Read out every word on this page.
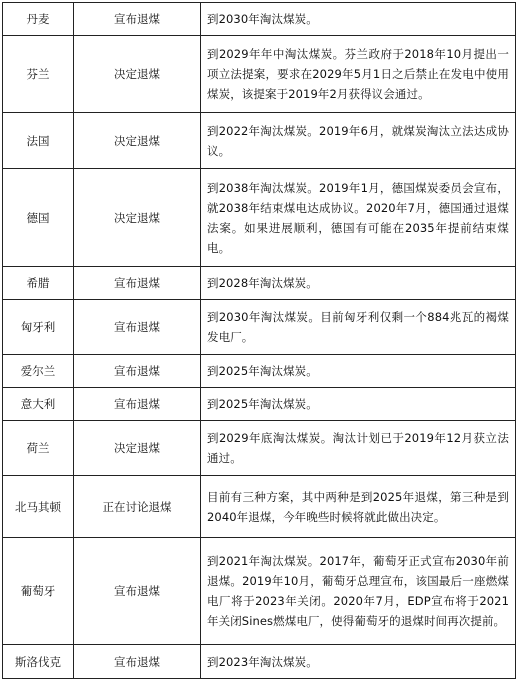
丹麦	宣布退煤	到2030年淘汰煤炭。
芬兰	决定退煤	到2029年年中淘汰煤炭。芬兰政府于2018年10月提出一项立法提案，要求在2029年5月1日之后禁止在发电中使用煤炭，该提案于2019年2月获得议会通过。
法国	决定退煤	到2022年淘汰煤炭。2019年6月，就煤炭淘汰立法达成协议。
德国	决定退煤	到2038年淘汰煤炭。2019年1月，德国煤炭委员会宣布，就2038年结束煤电达成协议。2020年7月，德国通过退煤法案。如果进展顺利，德国有可能在2035年提前结束煤电。
希腊	宣布退煤	到2028年淘汰煤炭。
匈牙利	宣布退煤	到2030年淘汰煤炭。目前匈牙利仅剩一个884兆瓦的褐煤发电厂。
爱尔兰	宣布退煤	到2025年淘汰煤炭。
意大利	宣布退煤	到2025年淘汰煤炭。
荷兰	决定退煤	到2029年底淘汰煤炭。淘汰计划已于2019年12月获立法通过。
北马其顿	正在讨论退煤	目前有三种方案，其中两种是到2025年退煤，第三种是到2040年退煤，今年晚些时候将就此做出决定。
葡萄牙	宣布退煤	到2021年淘汰煤炭。2017年，葡萄牙正式宣布2030年前退煤。2019年10月，葡萄牙总理宣布，该国最后一座燃煤电厂将于2023年关闭。2020年7月，EDP宣布将于2021年关闭Sines燃煤电厂，使得葡萄牙的退煤时间再次提前。
斯洛伐克	宣布退煤	到2023年淘汰煤炭。
